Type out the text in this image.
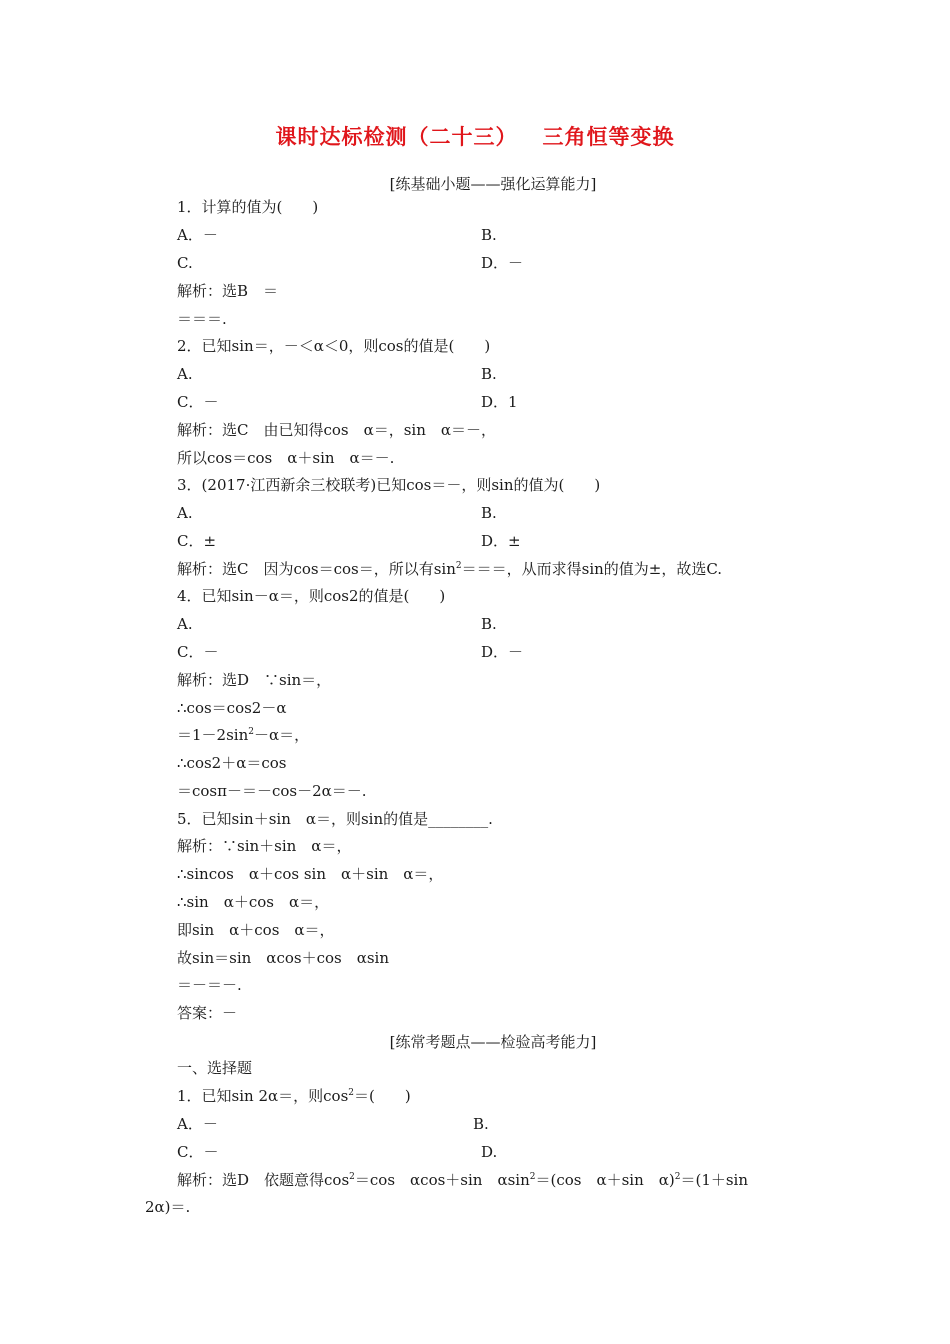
课时达标检测（二十三）   三角恒等变换
[练基础小题——强化运算能力]
1．计算的值为(　　)
A．－	B.
C.	D．－
解析：选B　＝
＝＝＝.
2．已知sin＝，－＜α＜0，则cos的值是(　　)
A.	B.
C．－	D．1
解析：选C　由已知得cos　α＝，sin　α＝－，
所以cos＝cos　α＋sin　α＝－.
3．(2017·江西新余三校联考)已知cos＝－，则sin的值为(　　)
A.	B.
C．±	D．±
解析：选C　因为cos＝cos＝，所以有$\sin^2===$，从而求得sin的值为±，故选C.
4．已知sin－α＝，则cos2的值是(　　)
A.	B.
C．－	D．－
解析：选D　∵sin＝，
∴cos＝cos2－α
$=1-2\sin^2-\alpha=$，
∴cos2＋α＝cos
＝cosπ－＝－cos－2α＝－.
5．已知sin＋sin　α＝，则sin的值是________.
解析：∵sin＋sin　α＝，
∴sincos　α＋cos sin　α＋sin　α＝，
∴sin　α＋cos　α＝，
即sin　α＋cos　α＝，
故sin＝sin　αcos＋cos　αsin
＝－＝－.
答案：－
[练常考题点——检验高考能力]
一、选择题
1．已知sin 2α＝，则$\cos^2=$(　　)
A．－	B.
C．－	D.
解析：选D　依题意得$\cos^2=\cos$　αcos＋sin　αsin$^2$＝(cos　α＋sin　α)$^2$＝(1＋sin
2α)＝.
